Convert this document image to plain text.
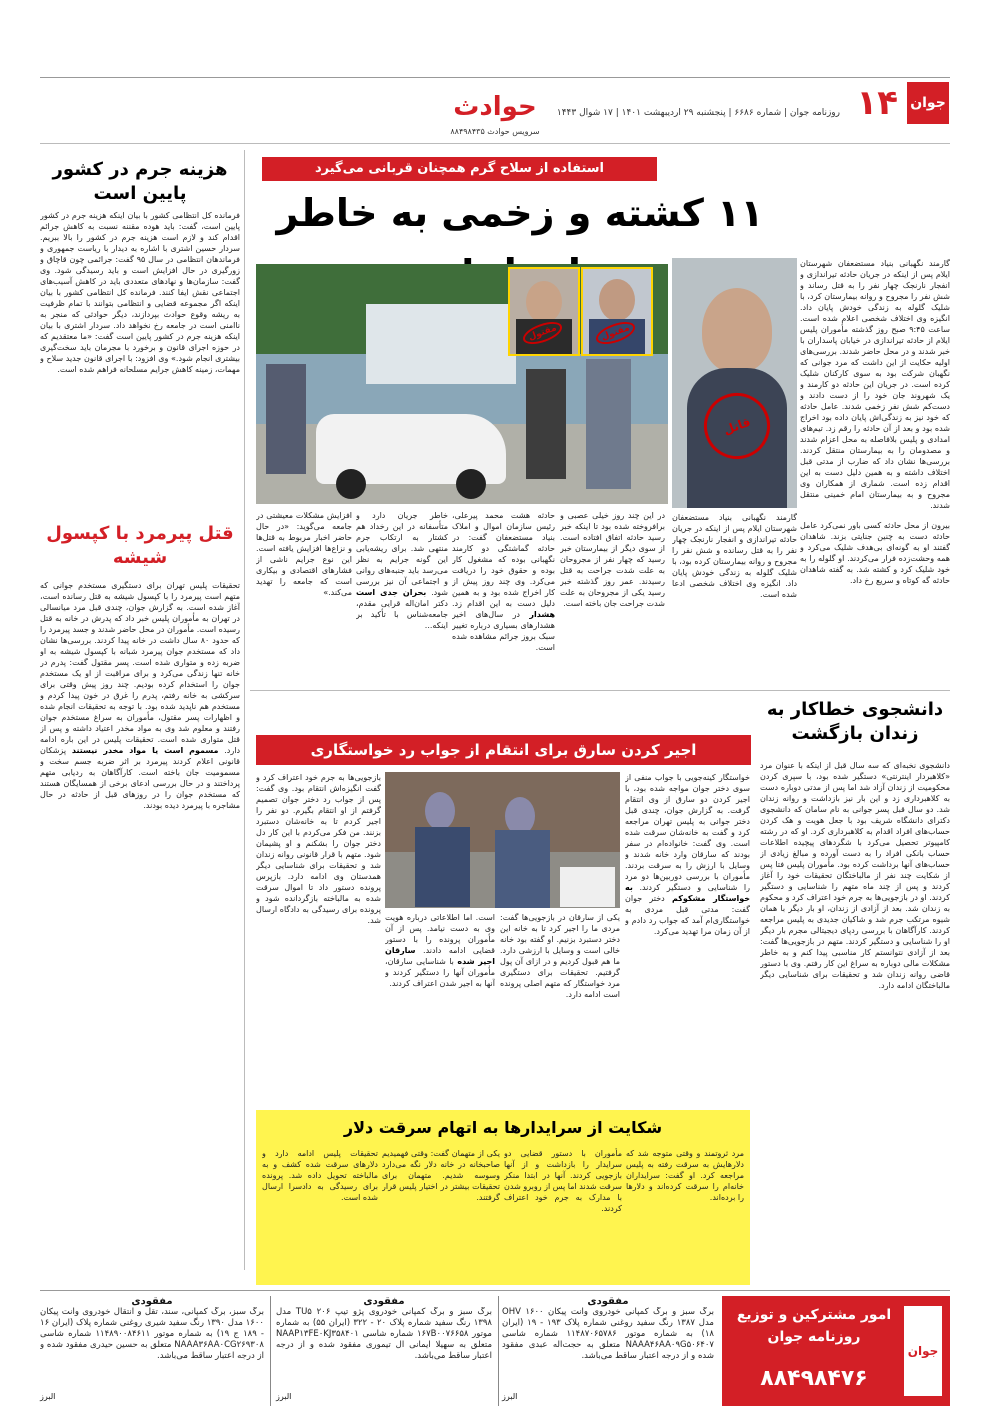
جوان
۱۴
روزنامه جوان | شماره ۶۶۸۶ | پنجشنبه ۲۹ اردیبهشت ۱۴۰۱ | ۱۷ شوال ۱۴۴۳
حوادث
سرویس حوادث ۸۸۴۹۸۴۳۵
استفاده از سلاح گرم همچنان قربانی می‌گیرد
۱۱ کشته و زخمی به خاطر
قاتل
گارمند نگهبانی بنیاد مستضعفان شهرستان ایلام پس از اینکه در جریان حادثه تیراندازی و انفجار نارنجک چهار نفر را به قتل رسانده و شش نفر را مجروح و روانه بیمارستان کرده بود، با شلیک گلوله به زندگی خودش پایان داد. انگیزه وی اختلاف شخصی ادعا شده است.
گارمند نگهبانی بنیاد مستضعفان شهرستان ایلام پس از اینکه در جریان حادثه تیراندازی و انفجار نارنجک چهار نفر را به قتل رساند و شش نفر را مجروح و روانه بیمارستان کرد، با شلیک گلوله به زندگی خودش پایان داد. انگیزه وی اختلاف شخصی اعلام شده است. ساعت ۹:۴۵ صبح روز گذشته مأموران پلیس ایلام از حادثه تیراندازی در خیابان پاسداران با خبر شدند و در محل حاضر شدند. بررسی‌های اولیه حکایت از این داشت که مرد جوانی که نگهبان شرکت بود به سوی کارکنان شلیک کرده است. در جریان این حادثه دو کارمند و یک شهروند جان خود را از دست دادند و دست‌کم شش نفر زخمی شدند. عامل حادثه که خود نیز به زندگی‌اش پایان داده بود اخراج شده بود و بعد از آن حادثه را رقم زد. تیم‌های امدادی و پلیس بلافاصله به محل اعزام شدند و مصدومان را به بیمارستان منتقل کردند. بررسی‌ها نشان داد که ضارب از مدتی قبل اختلاف داشته و به همین دلیل دست به این اقدام زده است. شماری از همکاران وی مجروح و به بیمارستان امام خمینی منتقل شدند.
بیرون از محل حادثه کسی باور نمی‌کرد عامل حادثه دست به چنین جنایتی بزند. شاهدان گفتند او به گونه‌ای بی‌هدف شلیک می‌کرد و همه وحشت‌زده فرار می‌کردند. او گلوله را به خود شلیک کرد و کشته شد. به گفته شاهدان حادثه گه کوتاه و سریع رخ داد.
مقتول
مقتول
در این چند روز خیلی عصبی و برافروخته شده بود تا اینکه خبر رسید حادثه اتفاق افتاده است. از سوی دیگر از بیمارستان خبر رسید که چهار نفر از مجروحان به علت شدت جراحت به قتل رسیدند. عمر روز گذشته خبر رسید یکی از مجروحان به علت شدت جراحت جان باخته است.
حادثه هشت محمد پیرعلی، رئیس سازمان اموال و املاک بنیاد مستضعفان گفت: در حادثه گماشتگی دو کارمند نگهبانی بوده که مشغول کار بوده و حقوق خود را دریافت می‌کرد. وی چند روز پیش از کار اخراج شده بود و به همین دلیل دست به این اقدام زد. هشدار در سال‌های اخیر هشدارهای بسیاری درباره تغییر سبک بروز جرائم مشاهده شده است.
خاطر جریان دارد و متأسفانه در این رخداد هم کشتار به ارتکاب جرم منتهی شد. برای ریشه‌یابی این گونه جرایم به نظر می‌رسد باید جنبه‌های روانی و اجتماعی آن نیز بررسی شود. بحران جدی است دکتر امان‌اله قرایی مقدم، جامعه‌شناس با تأکید بر اینکه...
افزایش مشکلات معیشتی در جامعه می‌گوید: «در حال حاضر اخبار مربوط به قتل‌ها و نزاع‌ها افزایش یافته است. این نوع جرایم ناشی از فشارهای اقتصادی و بیکاری است که جامعه را تهدید می‌کند.»
هزینه جرم در کشور پایین است
فرمانده کل انتظامی کشور با بیان اینکه هزینه جرم در کشور پایین است، گفت: باید هوده مقننه نسبت به کاهش جرائم اقدام کند و لازم است هزینه جرم در کشور را بالا ببریم. سردار حسین اشتری با اشاره به دیدار با ریاست جمهوری و فرماندهان انتظامی در سال ۹۵ گفت: جرائمی چون قاچاق و زورگیری در حال افزایش است و باید رسیدگی شود. وی گفت: سازمان‌ها و نهادهای متعددی باید در کاهش آسیب‌های اجتماعی نقش ایفا کنند. فرمانده کل انتظامی کشور با بیان اینکه اگر مجموعه قضایی و انتظامی بتوانند با تمام ظرفیت به ریشه وقوع حوادث بپردازند، دیگر حوادثی که منجر به ناامنی است در جامعه رخ نخواهد داد. سردار اشتری با بیان اینکه هزینه جرم در کشور پایین است گفت: «ما معتقدیم که در حوزه اجرای قانون و برخورد با مجرمان باید سخت‌گیری بیشتری انجام شود.» وی افزود: با اجرای قانون جدید سلاح و مهمات، زمینه کاهش جرایم مسلحانه فراهم شده است.
قتل پیرمرد با کپسول شیشه
تحقیقات پلیس تهران برای دستگیری مستخدم جوانی که متهم است پیرمرد را با کپسول شیشه به قتل رسانده است، آغاز شده است. به گزارش جوان، چندی قبل مرد میانسالی در تهران به مأموران پلیس خبر داد که پدرش در خانه به قتل رسیده است. مأموران در محل حاضر شدند و جسد پیرمرد را که حدود ۸۰ سال داشت در خانه پیدا کردند. بررسی‌ها نشان داد که مستخدم جوان پیرمرد شبانه با کپسول شیشه به او ضربه زده و متواری شده است. پسر مقتول گفت: پدرم در خانه تنها زندگی می‌کرد و برای مراقبت از او یک مستخدم جوان را استخدام کرده بودیم. چند روز پیش وقتی برای سرکشی به خانه رفتم، پدرم را غرق در خون پیدا کردم و مستخدم هم ناپدید شده بود. با توجه به تحقیقات انجام شده و اظهارات پسر مقتول، مأموران به سراغ مستخدم جوان رفتند و معلوم شد وی به مواد مخدر اعتیاد داشته و پس از قتل متواری شده است. تحقیقات پلیس در این باره ادامه دارد. مسموم است یا مواد مخدر نیستند پزشکان قانونی اعلام کردند پیرمرد بر اثر ضربه جسم سخت و مسمومیت جان باخته است. کارآگاهان به ردیابی متهم پرداختند و در حال بررسی ادعای برخی از همسایگان هستند که مستخدم جوان را در روزهای قبل از حادثه در حال مشاجره با پیرمرد دیده بودند.
دانشجوی خطاکار به زندان بازگشت
دانشجوی نخبه‌ای که سه سال قبل از اینکه با عنوان مرد «کلاهبردار اینترنتی» دستگیر شده بود، با سپری کردن محکومیت از زندان آزاد شد اما پس از مدتی دوباره دست به کلاهبرداری زد و این بار نیز بازداشت و روانه زندان شد. دو سال قبل پسر جوانی به نام سامان که دانشجوی دکترای دانشگاه شریف بود با جعل هویت و هک کردن حساب‌های افراد اقدام به کلاهبرداری کرد. او که در رشته کامپیوتر تحصیل می‌کرد با شگردهای پیچیده اطلاعات حساب بانکی افراد را به دست آورده و مبالغ زیادی از حساب‌های آنها برداشت کرده بود. مأموران پلیس فتا پس از شکایت چند نفر از مالباختگان تحقیقات خود را آغاز کردند و پس از چند ماه متهم را شناسایی و دستگیر کردند. او در بازجویی‌ها به جرم خود اعتراف کرد و محکوم به زندان شد. بعد از آزادی از زندان، او بار دیگر با همان شیوه مرتکب جرم شد و شاکیان جدیدی به پلیس مراجعه کردند. کارآگاهان با بررسی ردپای دیجیتالی مجرم بار دیگر او را شناسایی و دستگیر کردند. متهم در بازجویی‌ها گفت: بعد از آزادی نتوانستم کار مناسبی پیدا کنم و به خاطر مشکلات مالی دوباره به سراغ این کار رفتم. وی با دستور قاضی روانه زندان شد و تحقیقات برای شناسایی دیگر مالباختگان ادامه دارد.
اجیر کردن سارق برای انتقام از جواب رد خواستگاری
خواستگار کینه‌جویی با جواب منفی از سوی دختر جوان مواجه شده بود، با اجیر کردن دو سارق از وی انتقام گرفت. به گزارش جوان، چندی قبل دختر جوانی به پلیس تهران مراجعه کرد و گفت به خانه‌شان سرقت شده است. وی گفت: خانواده‌ام در سفر بودند که سارقان وارد خانه شدند و وسایل با ارزش را به سرقت بردند. مأموران با بررسی دوربین‌ها دو مرد را شناسایی و دستگیر کردند. به خواستگار مشکوکم دختر جوان گفت: مدتی قبل مردی به خواستگاری‌ام آمد که جواب رد دادم و از آن زمان مرا تهدید می‌کرد.
یکی از سارقان در بازجویی‌ها گفت: مردی ما را اجیر کرد تا به خانه این دختر دستبرد بزنیم. او گفته بود خانه خالی است و وسایل با ارزشی دارد. ما هم قبول کردیم و در ازای آن پول گرفتیم. تحقیقات برای دستگیری مرد خواستگار که متهم اصلی پرونده است ادامه دارد.
است. اما اطلاعاتی درباره هویت وی به دست نیامد. پس از آن مأموران پرونده را با دستور قضایی ادامه دادند. سارقان اجیر شده با شناسایی سارقان، مأموران آنها را دستگیر کردند و آنها به اجیر شدن اعتراف کردند.
بازجویی‌ها به جرم خود اعتراف کرد و گفت انگیزه‌اش انتقام بود. وی گفت: پس از جواب رد دختر جوان تصمیم گرفتم از او انتقام بگیرم. دو نفر را اجیر کردم تا به خانه‌شان دستبرد بزنند. من فکر می‌کردم با این کار دل دختر جوان را بشکنم و او پشیمان شود. متهم با قرار قانونی روانه زندان شد و تحقیقات برای شناسایی دیگر همدستان وی ادامه دارد. بازپرس پرونده دستور داد تا اموال سرقت شده به مالباخته بازگردانده شود و پرونده برای رسیدگی به دادگاه ارسال شد.
شکایت از سرایدارها به اتهام سرقت دلار
مرد ثروتمند و وقتی متوجه شد که دلارهایش به سرقت رفته به پلیس مراجعه کرد. او گفت: سرایداران خانه‌ام را سرقت کرده‌اند و دلارها را برده‌اند.
مأموران با دستور قضایی دو سرایدار را بازداشت و از آنها بازجویی کردند. آنها در ابتدا منکر سرقت شدند اما پس از روبرو شدن با مدارک به جرم خود اعتراف کردند.
یکی از متهمان گفت: وقتی فهمیدیم صاحبخانه در خانه دلار نگه می‌دارد وسوسه شدیم. متهمان برای تحقیقات بیشتر در اختیار پلیس قرار گرفتند.
تحقیقات پلیس ادامه دارد و دلارهای سرقت شده کشف و به مالباخته تحویل داده شد. پرونده برای رسیدگی به دادسرا ارسال شده است.
جوان
امور مشترکین و توزیع روزنامه جوان
۸۸۴۹۸۴۷۶
مفقودی
برگ سبز و برگ کمپانی خودروی وانت پیکان ۱۶۰۰ OHV مدل ۱۳۸۷ رنگ سفید روغنی شماره پلاک ۱۹۳ - ۱۹ (ایران ۱۸) به شماره موتور ۱۱۴۸۷۰۶۵۷۸۶ شماره شاسی NAAA۴۶AA۰۹G۵۰۶۴۰۷ متعلق به حجت‌اله عبدی مفقود شده و از درجه اعتبار ساقط می‌باشد.
البرز
مفقودی
برگ سبز و برگ کمپانی خودروی پژو تیپ ۲۰۶ TU۵ مدل ۱۳۹۸ رنگ سفید شماره پلاک ۲۰ - ۳۲۲ (ایران ۵۵) به شماره موتور ۱۶۷B۰۰۷۶۶۵۸ شماره شاسی NAAP۱۳FE۰KJ۳۵۸۴۰۱ متعلق به سهیلا ایمانی ال تیموری مفقود شده و از درجه اعتبار ساقط می‌باشد.
البرز
مفقودی
برگ سبز، برگ کمپانی، سند، تقل و انتقال خودروی وانت پیکان ۱۶۰۰ مدل ۱۳۹۰ رنگ سفید شیری روغنی شماره پلاک (ایران ۱۶ - ۱۸۹ ج ۱۹) به شماره موتور ۱۱۴۸۹۰۰۸۴۶۱۱ شماره شاسی NAAA۳۶AA۰CG۲۶۹۳۰۸ متعلق به حسین حیدری مفقود شده و از درجه اعتبار ساقط می‌باشد.
البرز
